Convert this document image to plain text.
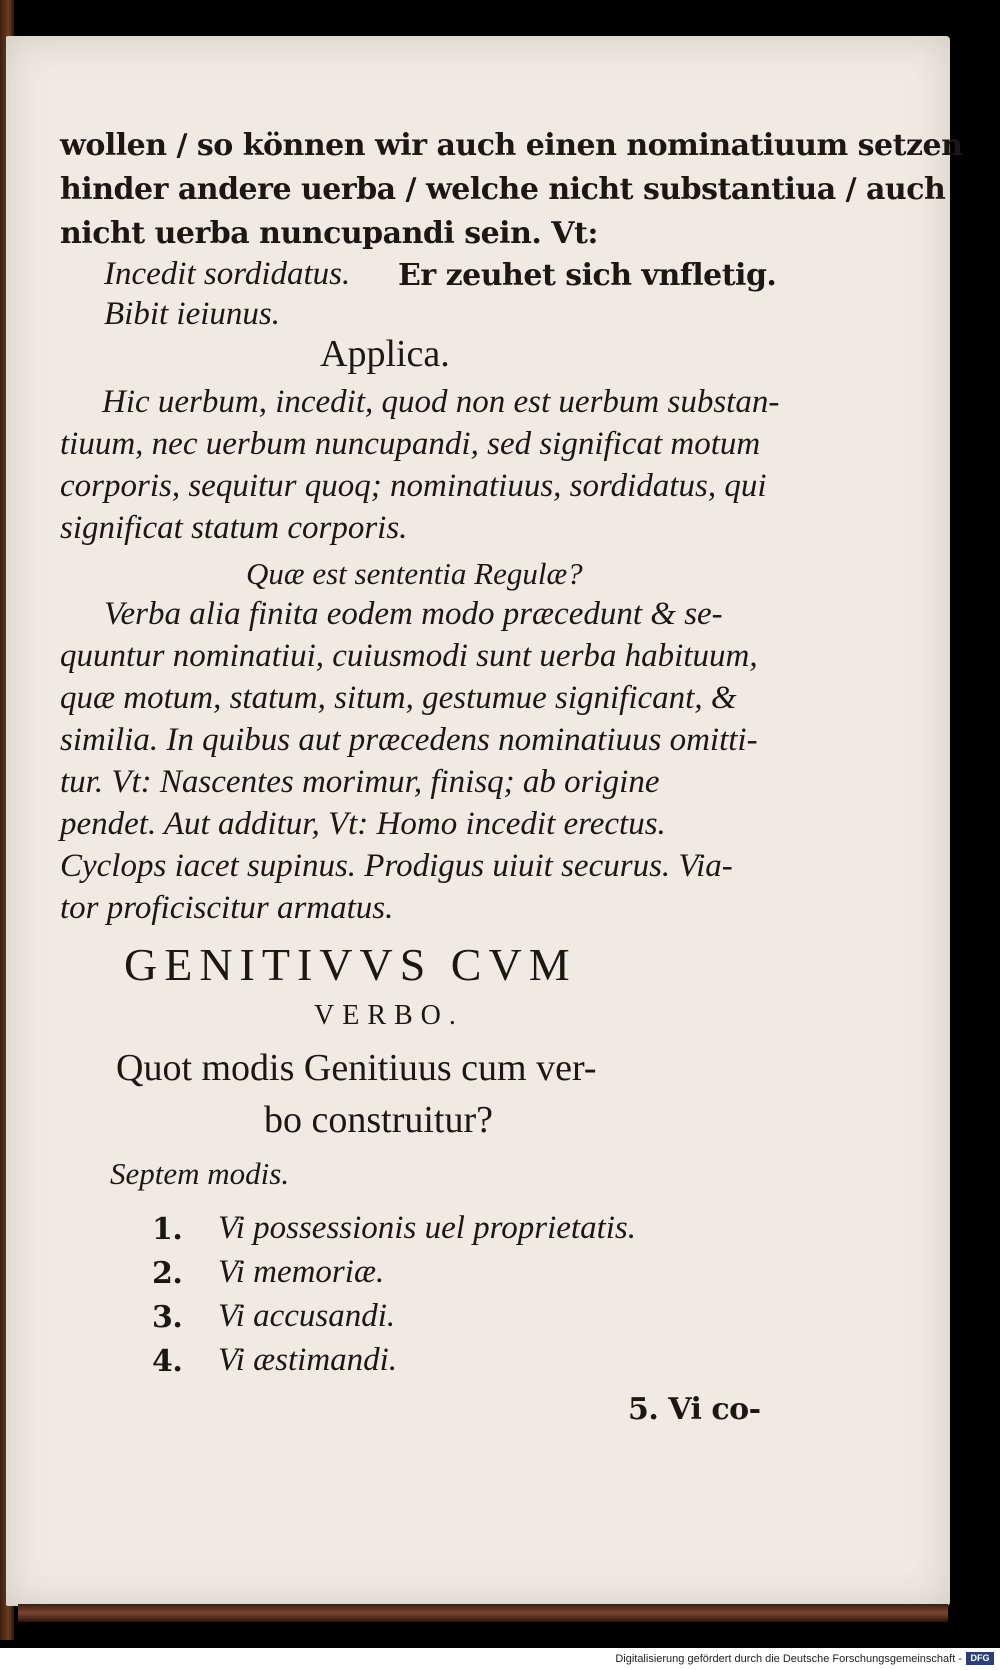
wollen / so können wir auch einen nominatiuum setzen
hinder andere uerba / welche nicht substantiua / auch
nicht uerba nuncupandi sein. Vt:
Incedit sordidatus. Er zeuhet sich vnfletig.
Bibit ieiunus.
Applica.
Hic uerbum, incedit, quod non est uerbum substan-
tiuum, nec uerbum nuncupandi, sed significat motum
corporis, sequitur quoq; nominatiuus, sordidatus, qui
significat statum corporis.
Quæ est sententia Regulæ?
Verba alia finita eodem modo præcedunt & se-
quuntur nominatiui, cuiusmodi sunt uerba habituum,
quæ motum, statum, situm, gestumue significant, &
similia. In quibus aut præcedens nominatiuus omitti-
tur. Vt: Nascentes morimur, finisq; ab origine
pendet. Aut additur, Vt: Homo incedit erectus.
Cyclops iacet supinus. Prodigus uiuit securus. Via-
tor proficiscitur armatus.
GENITIVVS CVM
VERBO.
Quot modis Genitiuus cum ver-
bo construitur?
Septem modis.
1. Vi possessionis uel proprietatis.
2. Vi memoriæ.
3. Vi accusandi.
4. Vi æstimandi.
5. Vi co-
Digitalisierung gefördert durch die Deutsche Forschungsgemeinschaft - DFG
